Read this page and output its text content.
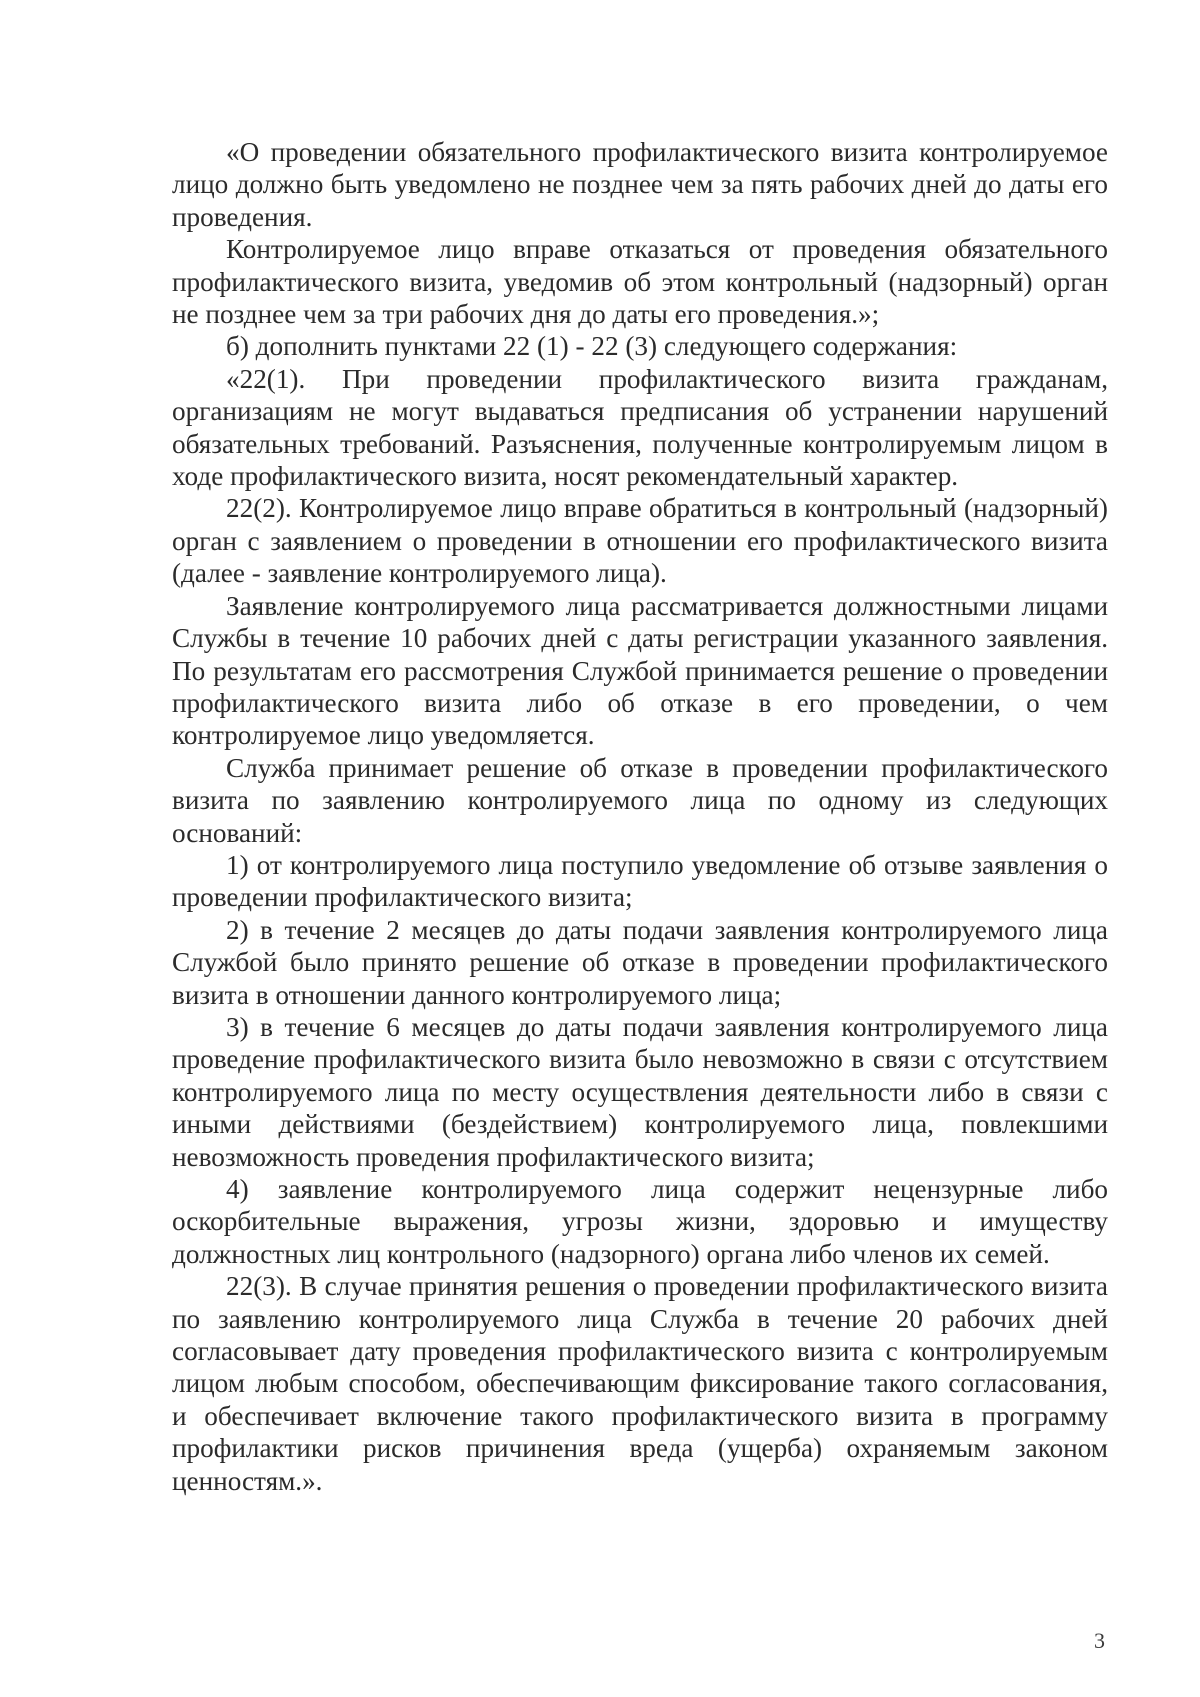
«О проведении обязательного профилактического визита контролируемое лицо должно быть уведомлено не позднее чем за пять рабочих дней до даты его проведения.

Контролируемое лицо вправе отказаться от проведения обязательного профилактического визита, уведомив об этом контрольный (надзорный) орган не позднее чем за три рабочих дня до даты его проведения.»;

б) дополнить пунктами 22 (1) - 22 (3) следующего содержания:

«22(1). При проведении профилактического визита гражданам, организациям не могут выдаваться предписания об устранении нарушений обязательных требований. Разъяснения, полученные контролируемым лицом в ходе профилактического визита, носят рекомендательный характер.

22(2). Контролируемое лицо вправе обратиться в контрольный (надзорный) орган с заявлением о проведении в отношении его профилактического визита (далее - заявление контролируемого лица).

Заявление контролируемого лица рассматривается должностными лицами Службы в течение 10 рабочих дней с даты регистрации указанного заявления. По результатам его рассмотрения Службой принимается решение о проведении профилактического визита либо об отказе в его проведении, о чем контролируемое лицо уведомляется.

Служба принимает решение об отказе в проведении профилактического визита по заявлению контролируемого лица по одному из следующих оснований:

1) от контролируемого лица поступило уведомление об отзыве заявления о проведении профилактического визита;

2) в течение 2 месяцев до даты подачи заявления контролируемого лица Службой было принято решение об отказе в проведении профилактического визита в отношении данного контролируемого лица;

3) в течение 6 месяцев до даты подачи заявления контролируемого лица проведение профилактического визита было невозможно в связи с отсутствием контролируемого лица по месту осуществления деятельности либо в связи с иными действиями (бездействием) контролируемого лица, повлекшими невозможность проведения профилактического визита;

4) заявление контролируемого лица содержит нецензурные либо оскорбительные выражения, угрозы жизни, здоровью и имуществу должностных лиц контрольного (надзорного) органа либо членов их семей.

22(3). В случае принятия решения о проведении профилактического визита по заявлению контролируемого лица Служба в течение 20 рабочих дней согласовывает дату проведения профилактического визита с контролируемым лицом любым способом, обеспечивающим фиксирование такого согласования, и обеспечивает включение такого профилактического визита в программу профилактики рисков причинения вреда (ущерба) охраняемым законом ценностям.».

3
